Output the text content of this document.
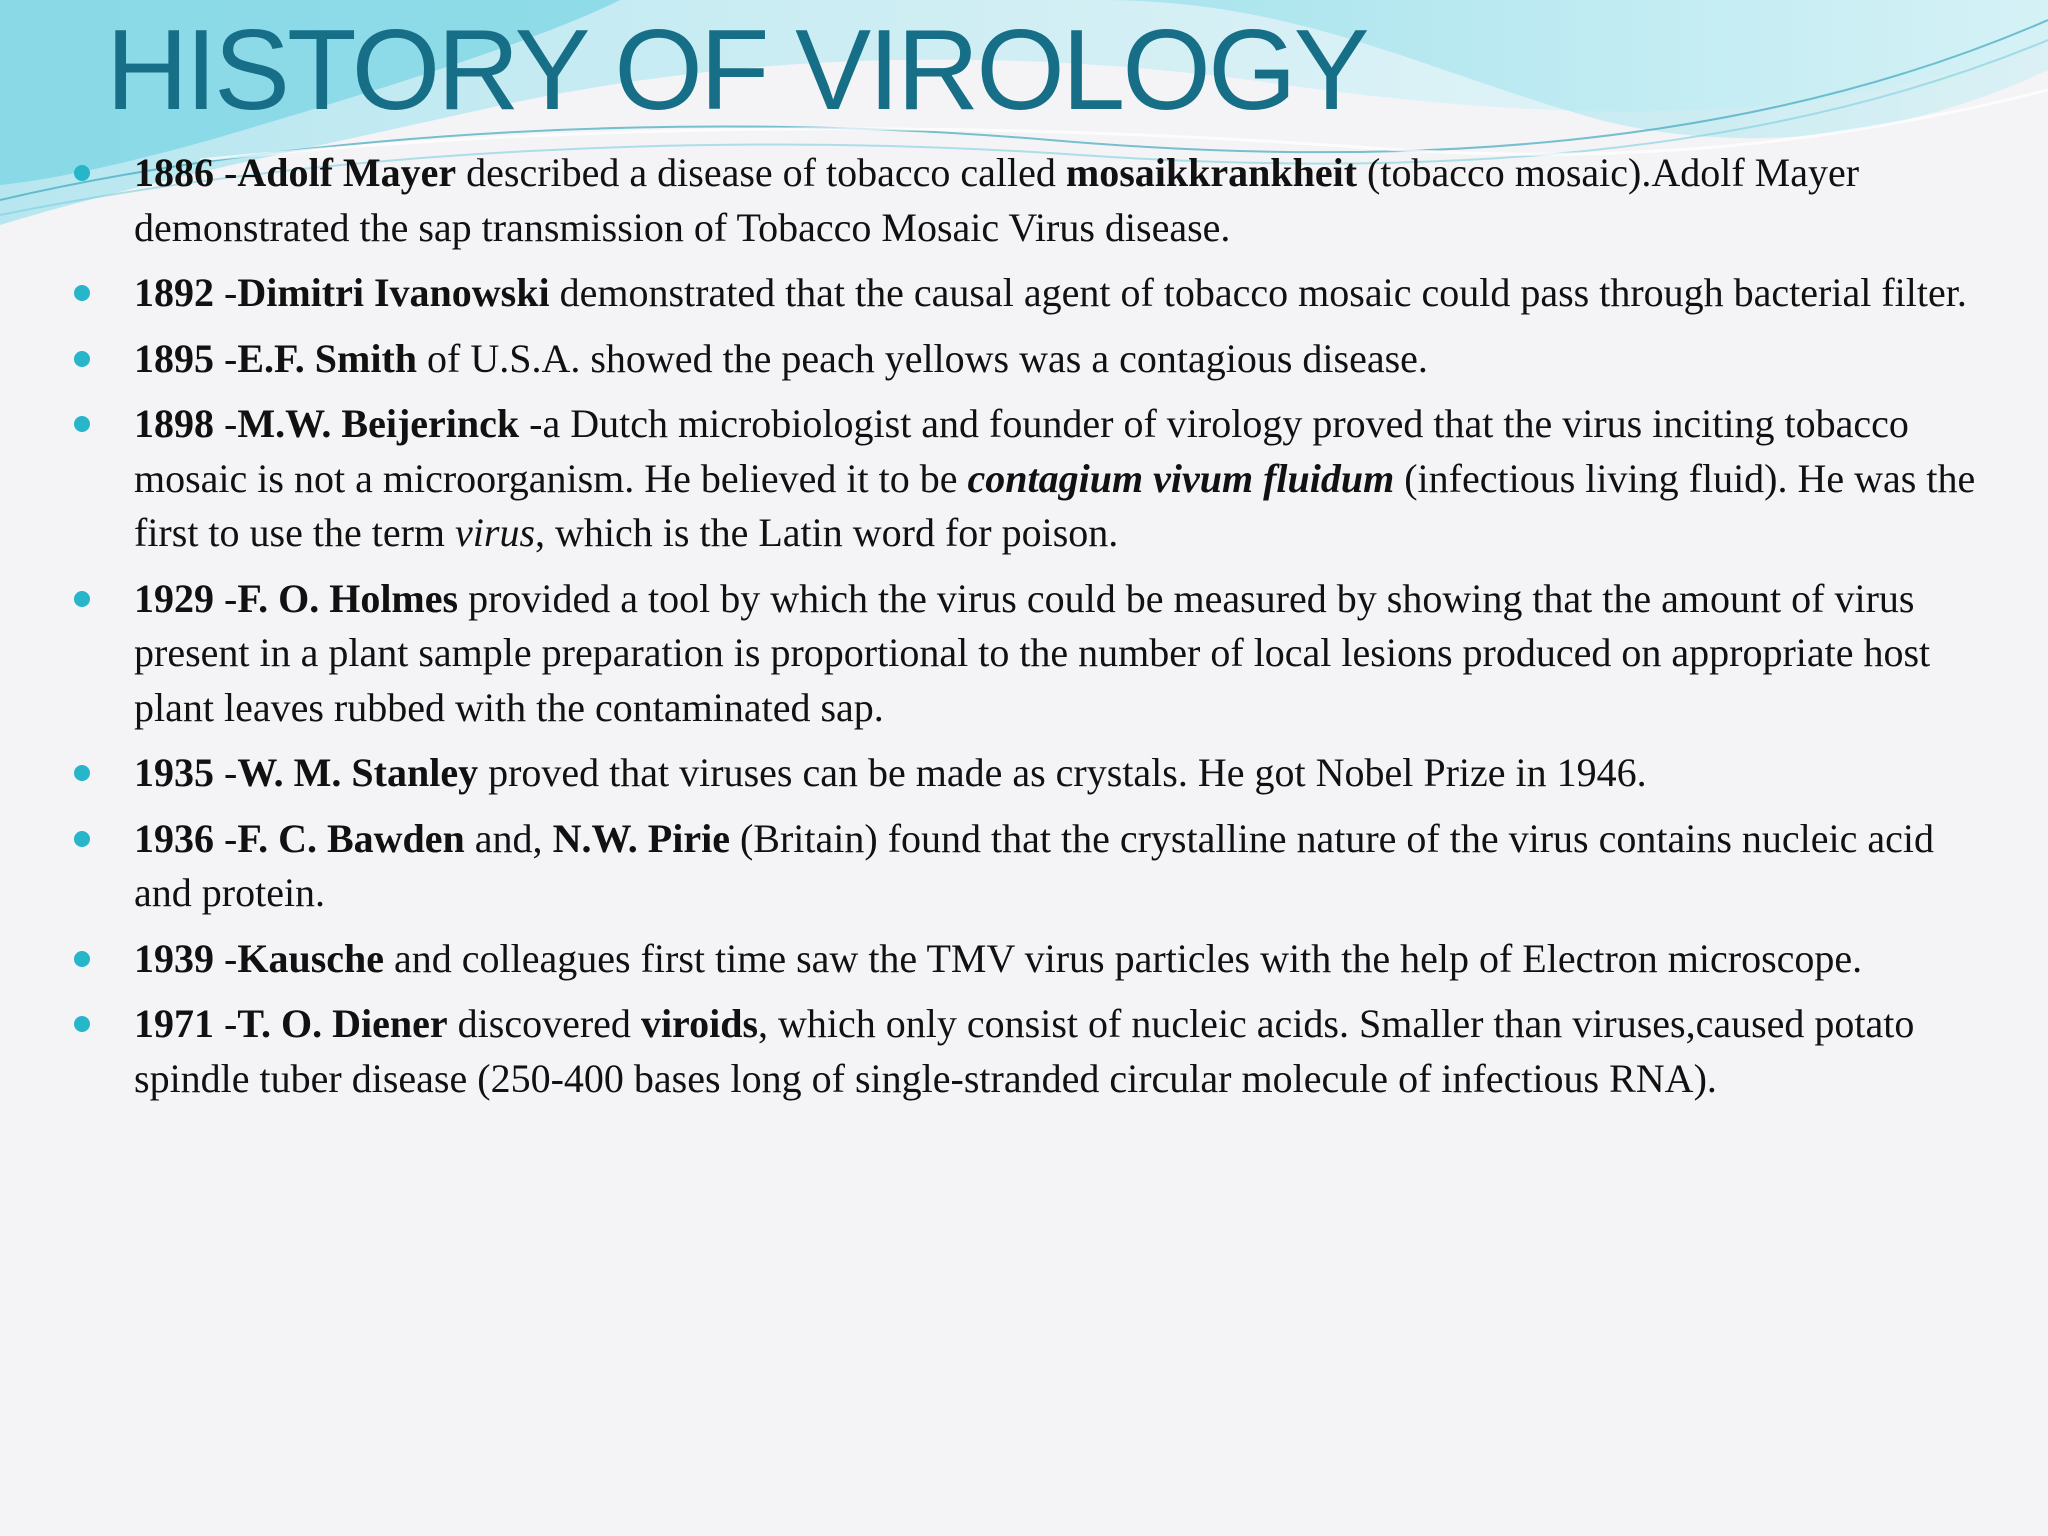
HISTORY OF VIROLOGY
1886 -Adolf Mayer described a disease of tobacco called mosaikkrankheit (tobacco mosaic).Adolf Mayer demonstrated the sap transmission of Tobacco Mosaic Virus disease.
1892 -Dimitri Ivanowski demonstrated that the causal agent of tobacco mosaic could pass through bacterial filter.
1895 -E.F. Smith of U.S.A. showed the peach yellows was a contagious disease.
1898 -M.W. Beijerinck -a Dutch microbiologist and founder of virology proved that the virus inciting tobacco mosaic is not a microorganism. He believed it to be contagium vivum fluidum (infectious living fluid). He was the first to use the term virus, which is the Latin word for poison.
1929 -F. O. Holmes provided a tool by which the virus could be measured by showing that the amount of virus present in a plant sample preparation is proportional to the number of local lesions produced on appropriate host plant leaves rubbed with the contaminated sap.
1935 -W. M. Stanley proved that viruses can be made as crystals. He got Nobel Prize in 1946.
1936 -F. C. Bawden and, N.W. Pirie (Britain) found that the crystalline nature of the virus contains nucleic acid and protein.
1939 -Kausche and colleagues first time saw the TMV virus particles with the help of Electron microscope.
1971 -T. O. Diener discovered viroids, which only consist of nucleic acids. Smaller than viruses,caused potato spindle tuber disease (250-400 bases long of single-stranded circular molecule of infectious RNA).
